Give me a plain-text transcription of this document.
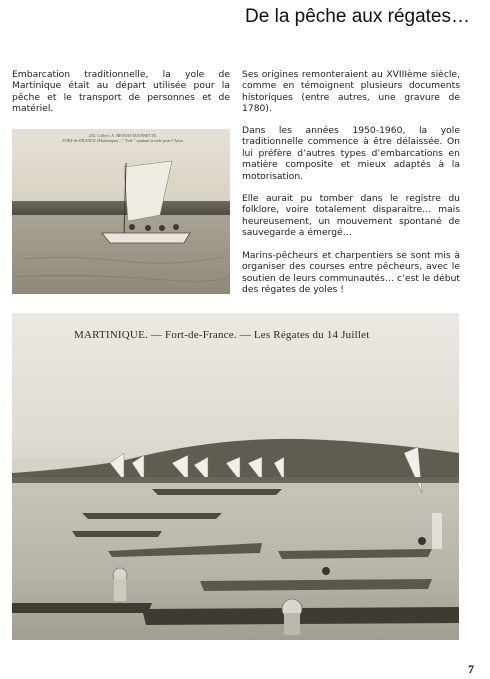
De la pêche aux régates…

Embarcation traditionnelle, la yole de Martinique était au départ utilisée pour la pêche et le transport de personnes et de matériel.

253. Collect. A. BENOIT-JEANNETTE
FORT-de-FRANCE (Martinique) – " Yole " quittant la rade pour l’Anse

Ses origines remonteraient au XVIIIème siècle, comme en témoignent plusieurs documents historiques (entre autres, une gravure de 1780).

Dans les années 1950-1960, la yole traditionnelle commence à être délaissée. On lui préfère d’autres types d’embarcations en matière composite et mieux adaptés à la motorisation.

Elle aurait pu tomber dans le registre du folklore, voire totalement disparaitre… mais heureusement, un mouvement spontané de sauvegarde a émergé…

Marins-pêcheurs et charpentiers se sont mis à organiser des courses entre pêcheurs, avec le soutien de leurs communautés… c’est le début des régates de yoles !

MARTINIQUE. — Fort-de-France. — Les Régates du 14 Juillet
7
